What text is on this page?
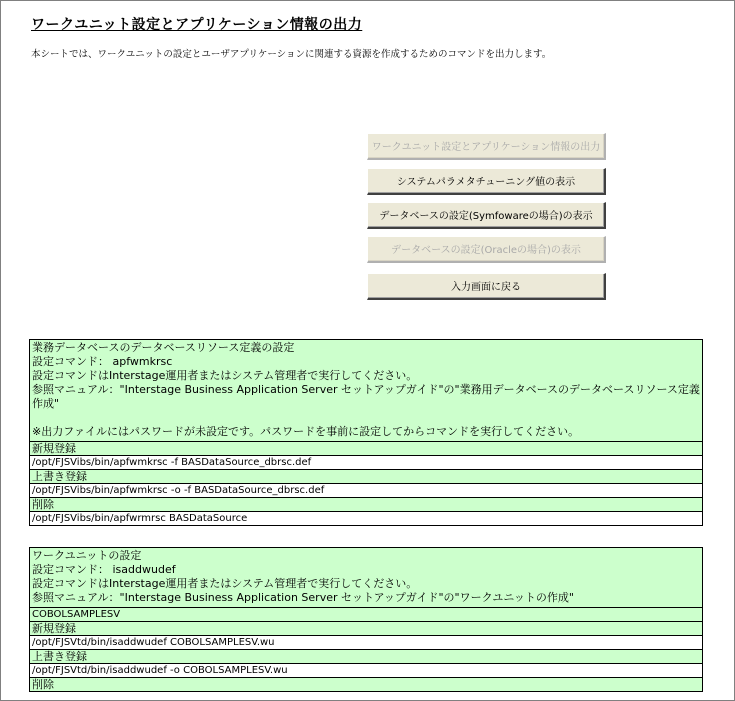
ワークユニット設定とアプリケーション情報の出力
本シートでは、ワークユニットの設定とユーザアプリケーションに関連する資源を作成するためのコマンドを出力します。
ワークユニット設定とアプリケーション情報の出力
システムパラメタチューニング値の表示
データベースの設定(Symfowareの場合)の表示
データベースの設定(Oracleの場合)の表示
入力画面に戻る
業務データベースのデータベースリソース定義の設定
設定コマンド： apfwmkrsc
設定コマンドはInterstage運用者またはシステム管理者で実行してください。
参照マニュアル："Interstage Business Application Server セットアップガイド"の"業務用データベースのデータベースリソース定義作成"
※出力ファイルにはパスワードが未設定です。パスワードを事前に設定してからコマンドを実行してください。
新規登録
/opt/FJSVibs/bin/apfwmkrsc -f BASDataSource_dbrsc.def
上書き登録
/opt/FJSVibs/bin/apfwmkrsc -o -f BASDataSource_dbrsc.def
削除
/opt/FJSVibs/bin/apfwrmrsc BASDataSource
ワークユニットの設定
設定コマンド： isaddwudef
設定コマンドはInterstage運用者またはシステム管理者で実行してください。
参照マニュアル："Interstage Business Application Server セットアップガイド"の"ワークユニットの作成"
COBOLSAMPLESV
新規登録
/opt/FJSVtd/bin/isaddwudef COBOLSAMPLESV.wu
上書き登録
/opt/FJSVtd/bin/isaddwudef -o COBOLSAMPLESV.wu
削除
